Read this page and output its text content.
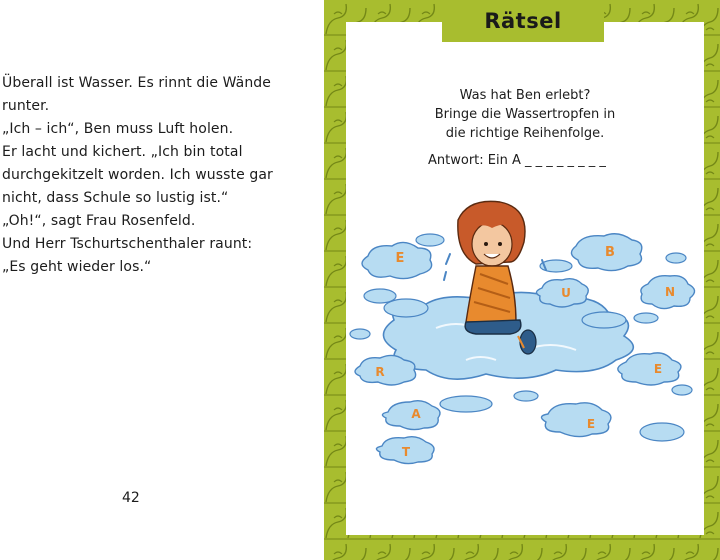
Überall ist Wasser. Es rinnt die Wände
runter.
„Ich – ich“, Ben muss Luft holen.
Er lacht und kichert. „Ich bin total
durchgekitzelt worden. Ich wusste gar
nicht, dass Schule so lustig ist.“
„Oh!“, sagt Frau Rosenfeld.
Und Herr Tschurtschenthaler raunt:
„Es geht wieder los.“
42
Rätsel
Was hat Ben erlebt?
Bringe die Wassertropfen in
die richtige Reihenfolge.
Antwort: Ein A _ _ _ _ _ _ _ _
E	B
U	N
R	E
A
E
T
